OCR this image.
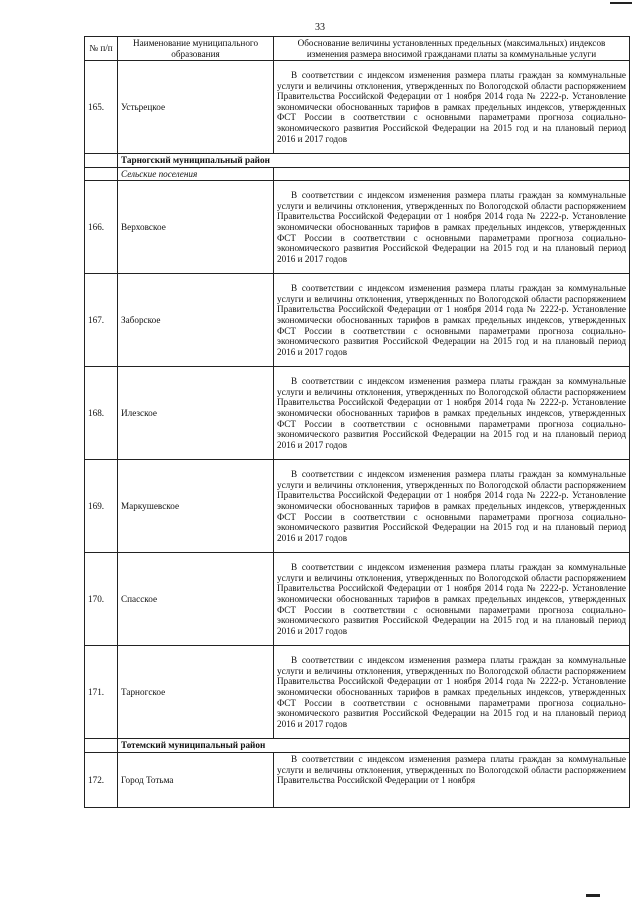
33
№ п/п	Наименование муниципального образования	Обоснование величины установленных предельных (максимальных) индексов изменения размера вносимой гражданами платы за коммунальные услуги
165.	Устьрецкое	В соответствии с индексом изменения размера платы граждан за коммунальные услуги и величины отклонения, утвержденных по Вологодской области распоряжением Правительства Российской Федерации от 1 ноября 2014 года № 2222-р. Установление экономически обоснованных тарифов в рамках предельных индексов, утвержденных ФСТ России в соответствии с основными параметрами прогноза социально-экономического развития Российской Федерации на 2015 год и на плановый период 2016 и 2017 годов
	Тарногский муниципальный район	
	Сельские поселения	
166.	Верховское	В соответствии с индексом изменения размера платы граждан за коммунальные услуги и величины отклонения, утвержденных по Вологодской области распоряжением Правительства Российской Федерации от 1 ноября 2014 года № 2222-р. Установление экономически обоснованных тарифов в рамках предельных индексов, утвержденных ФСТ России в соответствии с основными параметрами прогноза социально-экономического развития Российской Федерации на 2015 год и на плановый период 2016 и 2017 годов
167.	Заборское	В соответствии с индексом изменения размера платы граждан за коммунальные услуги и величины отклонения, утвержденных по Вологодской области распоряжением Правительства Российской Федерации от 1 ноября 2014 года № 2222-р. Установление экономически обоснованных тарифов в рамках предельных индексов, утвержденных ФСТ России в соответствии с основными параметрами прогноза социально-экономического развития Российской Федерации на 2015 год и на плановый период 2016 и 2017 годов
168.	Илезское	В соответствии с индексом изменения размера платы граждан за коммунальные услуги и величины отклонения, утвержденных по Вологодской области распоряжением Правительства Российской Федерации от 1 ноября 2014 года № 2222-р. Установление экономически обоснованных тарифов в рамках предельных индексов, утвержденных ФСТ России в соответствии с основными параметрами прогноза социально-экономического развития Российской Федерации на 2015 год и на плановый период 2016 и 2017 годов
169.	Маркушевское	В соответствии с индексом изменения размера платы граждан за коммунальные услуги и величины отклонения, утвержденных по Вологодской области распоряжением Правительства Российской Федерации от 1 ноября 2014 года № 2222-р. Установление экономически обоснованных тарифов в рамках предельных индексов, утвержденных ФСТ России в соответствии с основными параметрами прогноза социально-экономического развития Российской Федерации на 2015 год и на плановый период 2016 и 2017 годов
170.	Спасское	В соответствии с индексом изменения размера платы граждан за коммунальные услуги и величины отклонения, утвержденных по Вологодской области распоряжением Правительства Российской Федерации от 1 ноября 2014 года № 2222-р. Установление экономически обоснованных тарифов в рамках предельных индексов, утвержденных ФСТ России в соответствии с основными параметрами прогноза социально-экономического развития Российской Федерации на 2015 год и на плановый период 2016 и 2017 годов
171.	Тарногское	В соответствии с индексом изменения размера платы граждан за коммунальные услуги и величины отклонения, утвержденных по Вологодской области распоряжением Правительства Российской Федерации от 1 ноября 2014 года № 2222-р. Установление экономически обоснованных тарифов в рамках предельных индексов, утвержденных ФСТ России в соответствии с основными параметрами прогноза социально-экономического развития Российской Федерации на 2015 год и на плановый период 2016 и 2017 годов
	Тотемский муниципальный район	
172.	Город Тотьма	В соответствии с индексом изменения размера платы граждан за коммунальные услуги и величины отклонения, утвержденных по Вологодской области распоряжением Правительства Российской Федерации от 1 ноября
